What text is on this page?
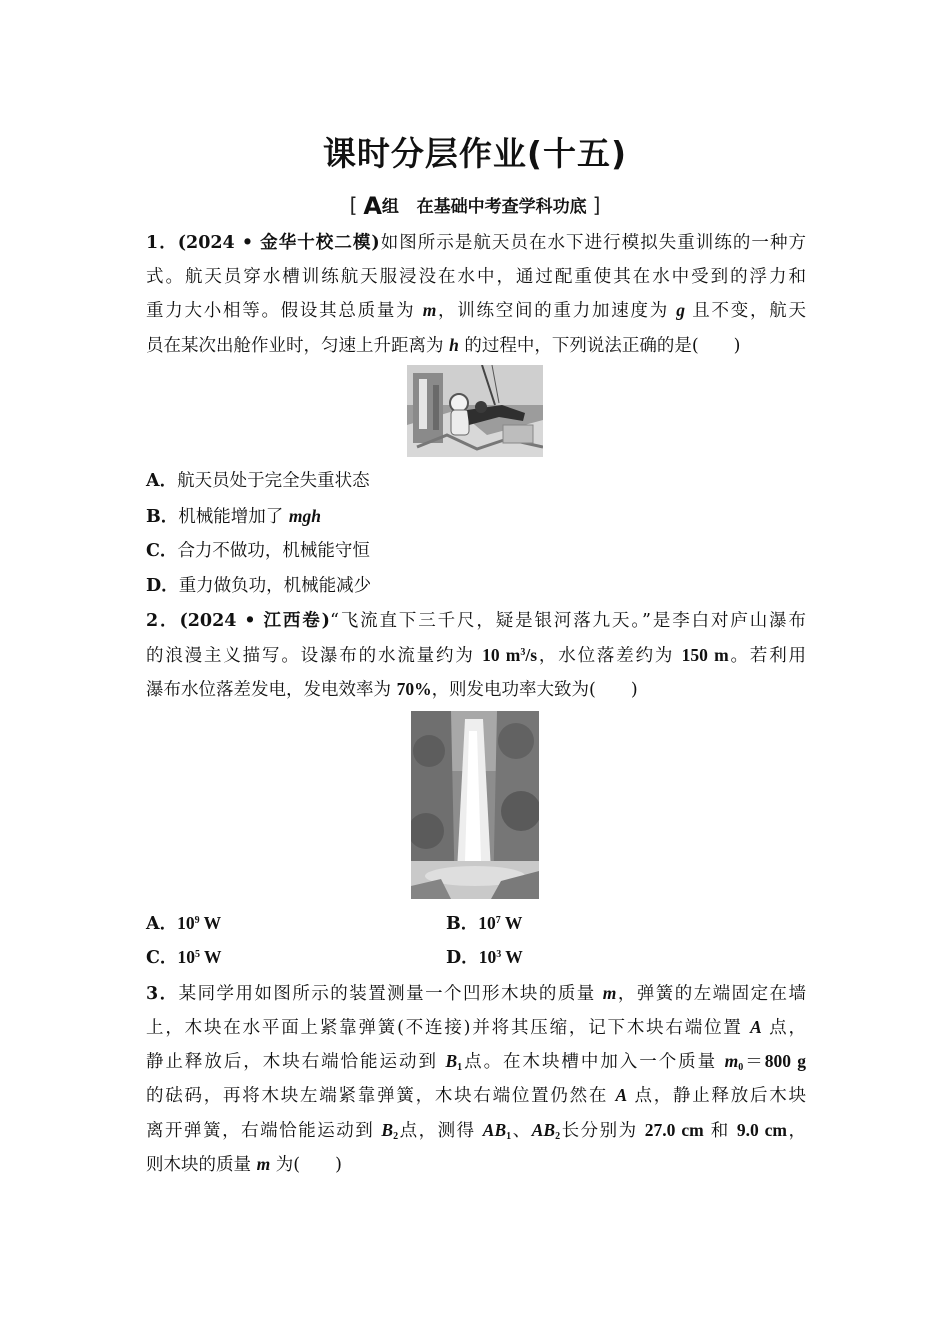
课时分层作业(十五)
[ A组 在基础中考查学科功底 ]
1．(2024 • 金华十校二模)如图所示是航天员在水下进行模拟失重训练的一种方
式。航天员穿水槽训练航天服浸没在水中，通过配重使其在水中受到的浮力和
重力大小相等。假设其总质量为 m，训练空间的重力加速度为 g 且不变，航天
员在某次出舱作业时，匀速上升距离为 h 的过程中，下列说法正确的是(　　)
A．航天员处于完全失重状态
B．机械能增加了 mgh
C．合力不做功，机械能守恒
D．重力做负功，机械能减少
2．(2024 • 江西卷)“飞流直下三千尺，疑是银河落九天。”是李白对庐山瀑布
的浪漫主义描写。设瀑布的水流量约为 10 $m^3/s$，水位落差约为 150 m。若利用
瀑布水位落差发电，发电效率为 70%，则发电功率大致为(　　)
A．$10^9$ W	B．$10^7$ W
C．$10^5$ W	D．$10^3$ W
3．某同学用如图所示的装置测量一个凹形木块的质量 m，弹簧的左端固定在墙
上，木块在水平面上紧靠弹簧(不连接)并将其压缩，记下木块右端位置 A 点，
静止释放后，木块右端恰能运动到 $B_1$点。在木块槽中加入一个质量 $m_0=800$ g
的砝码，再将木块左端紧靠弹簧，木块右端位置仍然在 A 点，静止释放后木块
离开弹簧，右端恰能运动到 $B_2$点，测得 $AB_1$、$AB_2$长分别为 27.0 cm 和 9.0 cm，
则木块的质量 m 为(　　)
